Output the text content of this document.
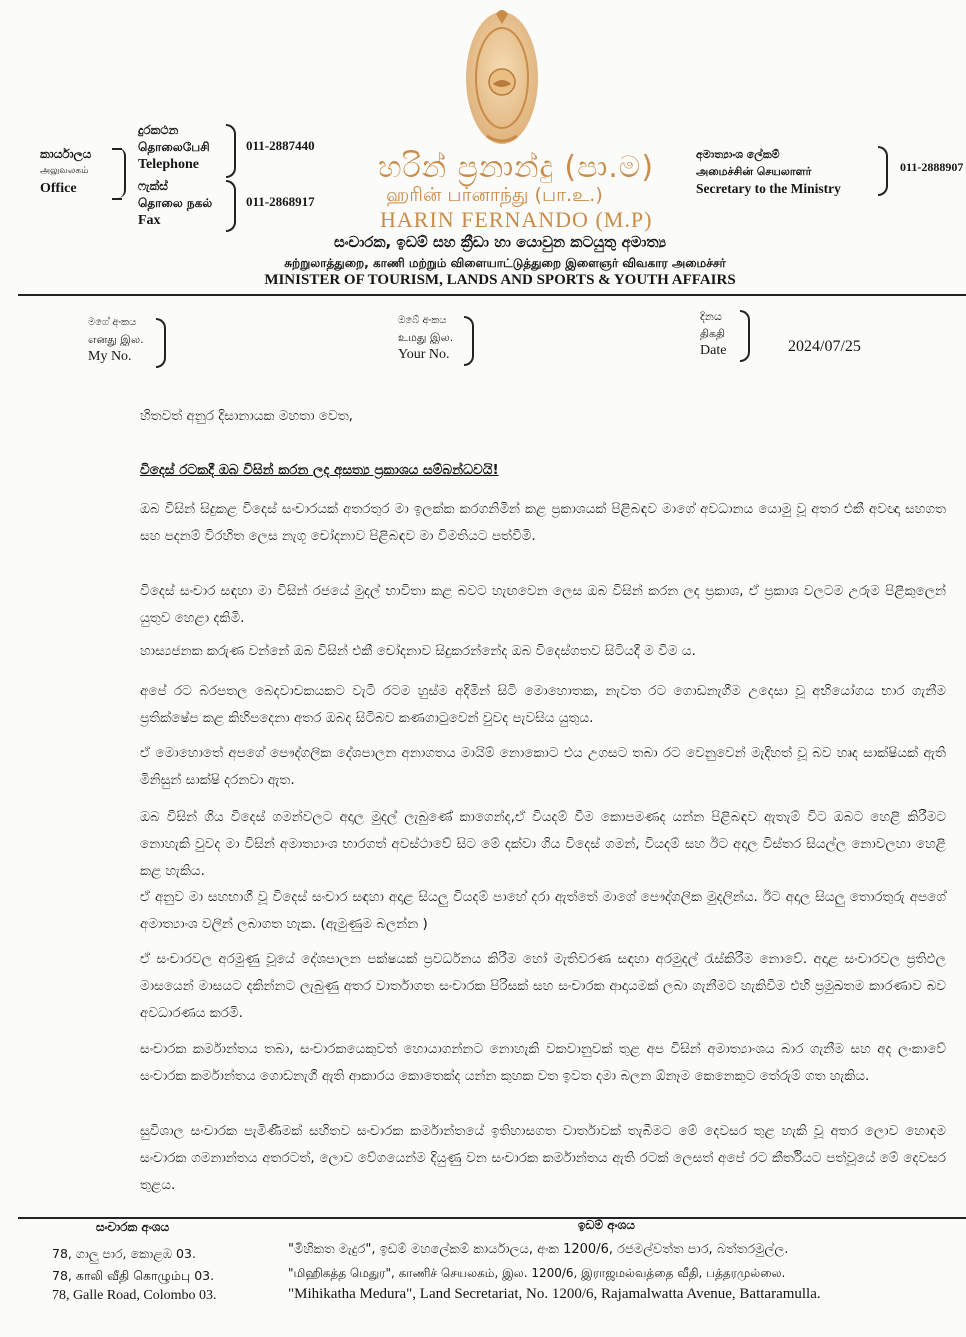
කාර්යාලය
அலுவலகம்
Office
දුරකථන
தொலைபேசி
Telephone
011-2887440
ෆැක්ස්
தொலை நகல்
Fax
011-2868917
හරින් ප්‍රනාන්දු (පා.ම)
ஹரின் பர்னாந்து (பா.உ.)
HARIN FERNANDO (M.P)
අමාත්‍යාංශ ලේකම්
அமைச்சின் செயலாளர்
Secretary to the Ministry
011-2888907
සංචාරක, ඉඩම් සහ ක්‍රීඩා හා යොවුන කටයුතු අමාත්‍ය
சுற்றுலாத்துறை, காணி மற்றும் விளையாட்டுத்துறை இளைஞர் விவகார அமைச்சர்
MINISTER OF TOURISM, LANDS AND SPORTS & YOUTH AFFAIRS
මගේ අංකය
எனது இல.
My No.
ඔබේ අංකය
உமது இல.
Your No.
දිනය
திகதி
Date	2024/07/25
හිතවත් අනුර දිසානායක මහතා වෙත,
විදෙස් රටකදී ඔබ විසින් කරන ලද අසත්‍ය ප්‍රකාශය සම්බන්ධවයි!
ඔබ විසින් සිදුකළ විදෙස් සංචාරයක් අතරතුර මා ඉලක්ක කරගනිමින් කළ ප්‍රකාශයක් පිළිබඳව මාගේ අවධානය යොමු වූ අතර එකී අවඥා සහගත සහ පදනම් විරහිත ලෙස නැගූ චෝදනාව පිළිබඳව මා විමතියට පත්වීමි.
විදෙස් සංචාර සඳහා මා විසින් රජයේ මුදල් භාවිතා කළ බවට හැඟවෙන ලෙස ඔබ විසින් කරන ලද ප්‍රකාශ, ඒ ප්‍රකාශ වලටම උරුම පිළිකුලෙන් යුතුව හෙළා දකිමි.
හාස්‍යජනක කරුණ වන්නේ ඔබ විසින් එකී චෝදනාව සිදුකරන්නේද ඔබ විදෙස්ගතව සිටියදී ම වීම ය.
අපේ රට බරපතල බෙදවාචකයකට වැටී රටම හුස්ම අදිමින් සිටි මොහොතක, නැවත රට ගොඩනැගීම උදෙසා වූ අභියෝගය භාර ගැනීම ප්‍රතික්ෂේප කළ කිහිපදෙනා අතර ඔබද සිටිබව කණගාටුවෙන් වුවද පැවසිය යුතුය.
ඒ මොහොතේ අපගේ පෞද්ගලික දේශපාලන අනාගතය මායිම් නොකොට එය උගසට තබා රට වෙනුවෙන් මැදිහත් වූ බව හෘද සාක්ෂියක් ඇති මිනිසුන් සාක්ෂි දරනවා ඇත.
ඔබ විසින් ගිය විදෙස් ගමන්වලට අදාල මුදල් ලැබුණේ කාගෙන්ද,ඒ වියදම් වීම කොපමණද යන්න පිළිබඳව ඇතැම් විට ඔබට හෙළි කිරීමට නොහැකි වුවද මා විසින් අමාත්‍යාංශ භාරගත් අවස්ථාවේ සිට මේ දක්වා ගිය විදෙස් ගමන්, වියදම් සහ ඊට අදාල විස්තර සියල්ල නොවලහා හෙළි කළ හැකිය.
ඒ අනුව මා සහභාගී වූ විදෙස් සංචාර සඳහා අදාළ සියලු වියදම් පාහේ දරා ඇත්තේ මාගේ පෞද්ගලික මුදලින්ය. ඊට අදාල සියලු තොරතුරු අපගේ අමාත්‍යාංශ වලින් ලබාගත හැක. (ඇමුණුම බලන්න )
ඒ සංචාරවල අරමුණු වූයේ දේශපාලන පක්ෂයක් ප්‍රවර්ධනය කිරීම හෝ මැතිවරණ සඳහා අරමුදල් රැස්කිරීම නොවේ. අදාළ සංචාරවල ප්‍රතිඵල මාසයෙන් මාසයට දකින්නට ලැබුණු අතර වාර්තාගත සංචාරක පිරිසක් සහ සංචාරක ආදායමක් ලබා ගැනීමට හැකිවීම එහි ප්‍රමුඛතම කාරණාව බව අවධාරණය කරමි.
සංචාරක කර්මාන්තය තබා, සංචාරකයෙකුවත් හොයාගන්නට නොහැකි වකවානුවක් තුළ අප විසින් අමාත්‍යාංශය බාර ගැනීම සහ අද ලංකාවේ සංචාරක කර්මාන්තය ගොඩනැගී ඇති ආකාරය කොතෙක්ද යන්න කුහක වත ඉවත දමා බලන ඕනෑම කෙනෙකුට තේරුම් ගත හැකිය.
සුවිශාල සංචාරක පැමිණීමක් සහිතව සංචාරක කර්මාන්තයේ ඉතිහාසගත වාර්තාවක් තැබීමට මේ දෙවසර තුළ හැකි වූ අතර ලොව හොඳම සංචාරක ගමනාන්තය අතරටත්, ලොව වේගයෙන්ම දියුණු වන සංචාරක කර්මාන්තය ඇති රටක් ලෙසත් අපේ රට කීර්තියට පත්වූයේ මේ දෙවසර තුළය.
සංචාරක අංශය
78, ගාලු පාර, කොළඹ 03.
78, காலி வீதி கொழும்பு 03.
78, Galle Road, Colombo 03.
ඉඩම් අංශය
"මිහිකත මැදුර", ඉඩම් මහලේකම් කාර්යාලය, අංක 1200/6, රජමල්වත්ත පාර, බත්තරමුල්ල.
"மிஹிகத்த மெதுர", காணிச் செயலகம், இல. 1200/6, இராஜமல்வத்தை வீதி, பத்தரமுல்லை.
"Mihikatha Medura", Land Secretariat, No. 1200/6, Rajamalwatta Avenue, Battaramulla.
